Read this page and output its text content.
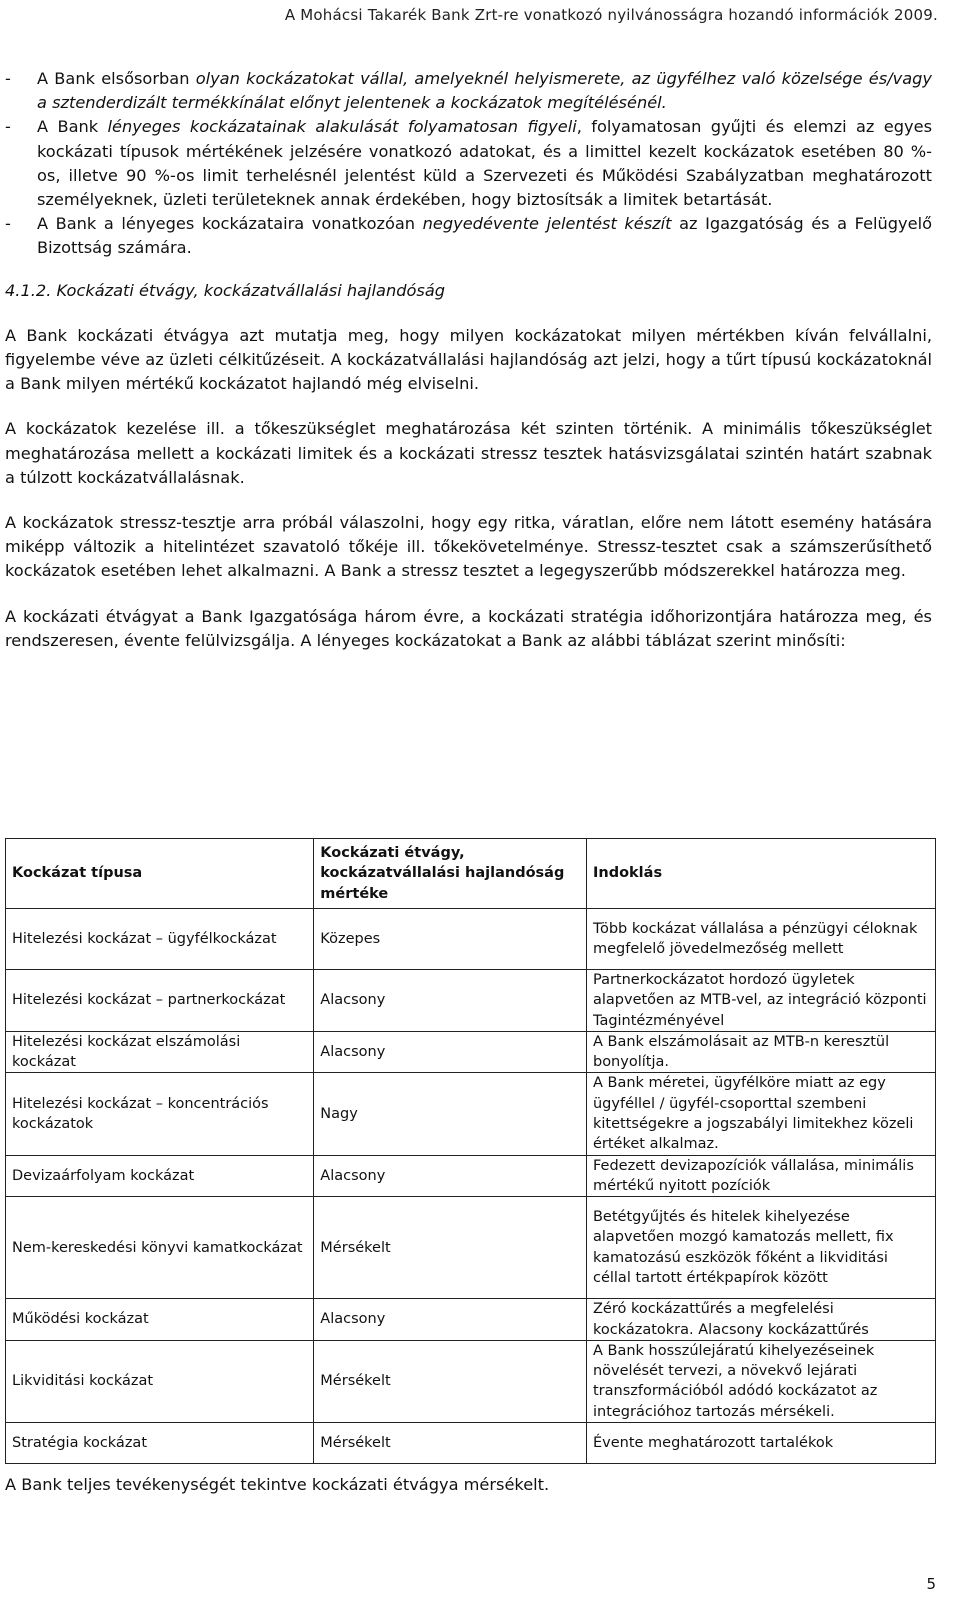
A Mohácsi Takarék Bank Zrt-re vonatkozó nyilvánosságra hozandó információk 2009.
-	A Bank elsősorban olyan kockázatokat vállal, amelyeknél helyismerete, az ügyfélhez való közelsége és/vagy a sztenderdizált termékkínálat előnyt jelentenek a kockázatok megítélésénél.
-	A Bank lényeges kockázatainak alakulását folyamatosan figyeli, folyamatosan gyűjti és elemzi az egyes kockázati típusok mértékének jelzésére vonatkozó adatokat, és a limittel kezelt kockázatok esetében 80 %-os, illetve 90 %-os limit terhelésnél jelentést küld a Szervezeti és Működési Szabályzatban meghatározott személyeknek, üzleti területeknek annak érdekében, hogy biztosítsák a limitek betartását.
-	A Bank a lényeges kockázataira vonatkozóan negyedévente jelentést készít az Igazgatóság és a Felügyelő Bizottság számára.

4.1.2. Kockázati étvágy, kockázatvállalási hajlandóság

A Bank kockázati étvágya azt mutatja meg, hogy milyen kockázatokat milyen mértékben kíván felvállalni, figyelembe véve az üzleti célkitűzéseit. A kockázatvállalási hajlandóság azt jelzi, hogy a tűrt típusú kockázatoknál a Bank milyen mértékű kockázatot hajlandó még elviselni.

A kockázatok kezelése ill. a tőkeszükséglet meghatározása két szinten történik. A minimális tőkeszükséglet meghatározása mellett a kockázati limitek és a kockázati stressz tesztek hatásvizsgálatai szintén határt szabnak a túlzott kockázatvállalásnak.

A kockázatok stressz-tesztje arra próbál válaszolni, hogy egy ritka, váratlan, előre nem látott esemény hatására miképp változik a hitelintézet szavatoló tőkéje ill. tőkekövetelménye. Stressz-tesztet csak a számszerűsíthető kockázatok esetében lehet alkalmazni. A Bank a stressz tesztet a legegyszerűbb módszerekkel határozza meg.

A kockázati étvágyat a Bank Igazgatósága három évre, a kockázati stratégia időhorizontjára határozza meg, és rendszeresen, évente felülvizsgálja. A lényeges kockázatokat a Bank az alábbi táblázat szerint minősíti:

Kockázat típusa	Kockázati étvágy, kockázatvállalási hajlandóság mértéke	Indoklás
Hitelezési kockázat – ügyfélkockázat	Közepes	Több kockázat vállalása a pénzügyi céloknak megfelelő jövedelmezőség mellett
Hitelezési kockázat – partnerkockázat	Alacsony	Partnerkockázatot hordozó ügyletek alapvetően az MTB-vel, az integráció központi Tagintézményével
Hitelezési kockázat elszámolási kockázat	Alacsony	A Bank elszámolásait az MTB-n keresztül bonyolítja.
Hitelezési kockázat – koncentrációs kockázatok	Nagy	A Bank méretei, ügyfélköre miatt az egy ügyféllel / ügyfél-csoporttal szembeni kitettségekre a jogszabályi limitekhez közeli értéket alkalmaz.
Devizaárfolyam kockázat	Alacsony	Fedezett devizapozíciók vállalása, minimális mértékű nyitott pozíciók
Nem-kereskedési könyvi kamatkockázat	Mérsékelt	Betétgyűjtés és hitelek kihelyezése alapvetően mozgó kamatozás mellett, fix kamatozású eszközök főként a likviditási céllal tartott értékpapírok között
Működési kockázat	Alacsony	Zéró kockázattűrés a megfelelési kockázatokra. Alacsony kockázattűrés
Likviditási kockázat	Mérsékelt	A Bank hosszúlejáratú kihelyezéseinek növelését tervezi, a növekvő lejárati transzformációból adódó kockázatot az integrációhoz tartozás mérsékeli.
Stratégia kockázat	Mérsékelt	Évente meghatározott tartalékok
A Bank teljes tevékenységét tekintve kockázati étvágya mérsékelt.
5
